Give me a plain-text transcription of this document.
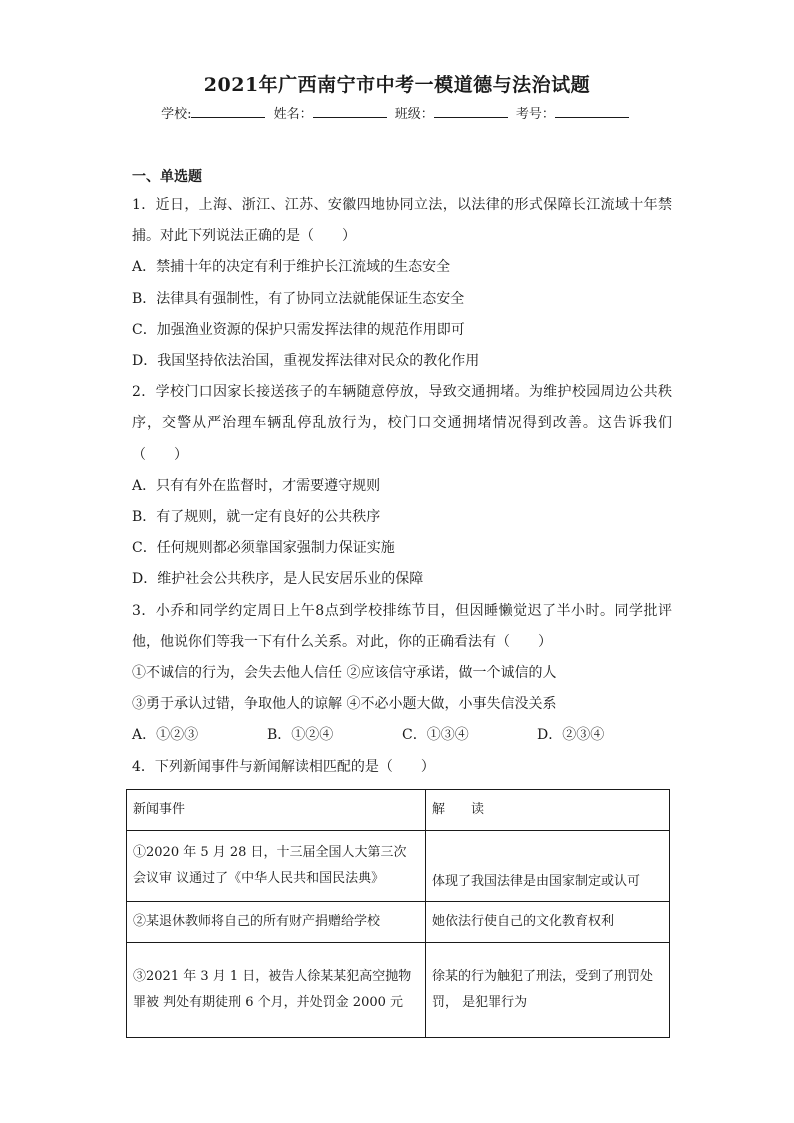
2021年广西南宁市中考一模道德与法治试题
学校:	姓名：	班级：	考号：
一、单选题
1．近日，上海、浙江、江苏、安徽四地协同立法，以法律的形式保障长江流域十年禁捕。对此下列说法正确的是（　　）
A．禁捕十年的决定有利于维护长江流域的生态安全
B．法律具有强制性，有了协同立法就能保证生态安全
C．加强渔业资源的保护只需发挥法律的规范作用即可
D．我国坚持依法治国，重视发挥法律对民众的教化作用
2．学校门口因家长接送孩子的车辆随意停放，导致交通拥堵。为维护校园周边公共秩序，交警从严治理车辆乱停乱放行为，校门口交通拥堵情况得到改善。这告诉我们（　　）
A．只有有外在监督时，才需要遵守规则
B．有了规则，就一定有良好的公共秩序
C．任何规则都必须靠国家强制力保证实施
D．维护社会公共秩序，是人民安居乐业的保障
3．小乔和同学约定周日上午8点到学校排练节目，但因睡懒觉迟了半小时。同学批评他，他说你们等我一下有什么关系。对此，你的正确看法有（　　）
①不诚信的行为，会失去他人信任 ②应该信守承诺，做一个诚信的人
③勇于承认过错，争取他人的谅解 ④不必小题大做，小事失信没关系
A．①②③	B．①②④	C．①③④	D．②③④
4．下列新闻事件与新闻解读相匹配的是（　　）
新闻事件	解　　读
①2020 年 5 月 28 日，十三届全国人大第三次会议审 议通过了《中华人民共和国民法典》	体现了我国法律是由国家制定或认可
②某退休教师将自己的所有财产捐赠给学校	她依法行使自己的文化教育权利
③2021 年 3 月 1 日，被告人徐某某犯高空抛物罪被 判处有期徒刑 6 个月，并处罚金 2000 元	徐某的行为触犯了刑法，受到了刑罚处罚， 是犯罪行为
